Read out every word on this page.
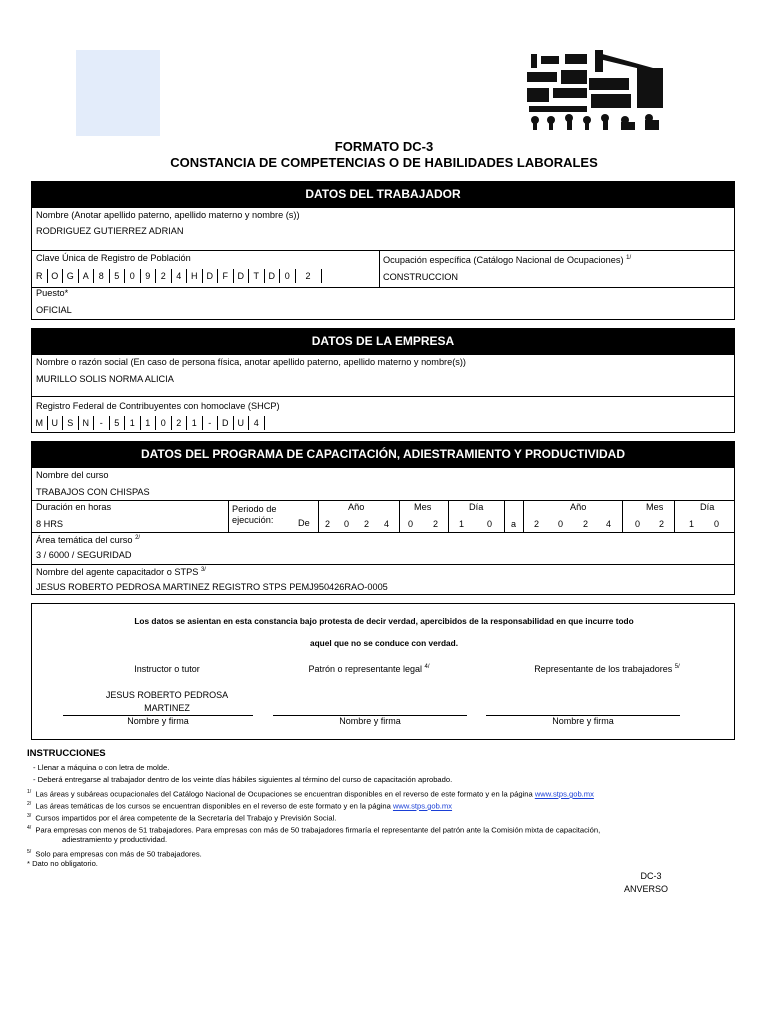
FORMATO DC-3
CONSTANCIA DE COMPETENCIAS O DE HABILIDADES LABORALES
DATOS DEL TRABAJADOR
Nombre (Anotar apellido paterno, apellido materno y nombre (s))
RODRIGUEZ GUTIERREZ ADRIAN
Clave Única de Registro de Población
R O G A	8	5	0	9	2	4	H	D	F	D	T	D	0	2
Ocupación específica (Catálogo Nacional de Ocupaciones) $^{1/}$
CONSTRUCCION
Puesto*
OFICIAL
DATOS DE LA EMPRESA
Nombre o razón social (En caso de persona física, anotar apellido paterno, apellido materno y nombre(s))
MURILLO SOLIS NORMA ALICIA
Registro Federal de Contribuyentes con homoclave (SHCP)
M U	S	N	-	5	1	1	0	2	1	-	D	U	4
DATOS DEL PROGRAMA DE CAPACITACIÓN, ADIESTRAMIENTO Y PRODUCTIVIDAD
Nombre del curso
TRABAJOS CON CHISPAS
Duración en horas
8 HRS
Periodo de
ejecución:	De
Año	Mes	Día	Año	Mes	Día
2	0	2	4	0	2	1	0	a	2	0	2	4	0	2	1	0
Área temática del curso $^{2/}$
3 / 6000 / SEGURIDAD
Nombre del agente capacitador o STPS $^{3/}$
JESUS ROBERTO PEDROSA MARTINEZ REGISTRO STPS PEMJ950426RAO-0005
Los datos se asientan en esta constancia bajo protesta de decir verdad, apercibidos de la responsabilidad en que incurre todo
aquel que no se conduce con verdad.
Instructor o tutor	Patrón o representante legal $^{4/}$	Representante de los trabajadores $^{5/}$
JESUS ROBERTO PEDROSA
MARTINEZ
Nombre y firma	Nombre y firma	Nombre y firma
INSTRUCCIONES
- Llenar a máquina o con letra de molde.
- Deberá entregarse al trabajador dentro de los veinte días hábiles siguientes al término del curso de capacitación aprobado.
$^{1/}$ Las áreas y subáreas ocupacionales del Catálogo Nacional de Ocupaciones se encuentran disponibles en el reverso de este formato y en la página www.stps.gob.mx
$^{2/}$ Las áreas temáticas de los cursos se encuentran disponibles en el reverso de este formato y en la página www.stps.gob.mx
$^{3/}$ Cursos impartidos por el área competente de la Secretaría del Trabajo y Previsión Social.
$^{4/}$ Para empresas con menos de 51 trabajadores. Para empresas con más de 50 trabajadores firmaría el representante del patrón ante la Comisión mixta de capacitación,
adiestramiento y productividad.
$^{5/}$ Solo para empresas con más de 50 trabajadores.
* Dato no obligatorio.
DC-3
ANVERSO
